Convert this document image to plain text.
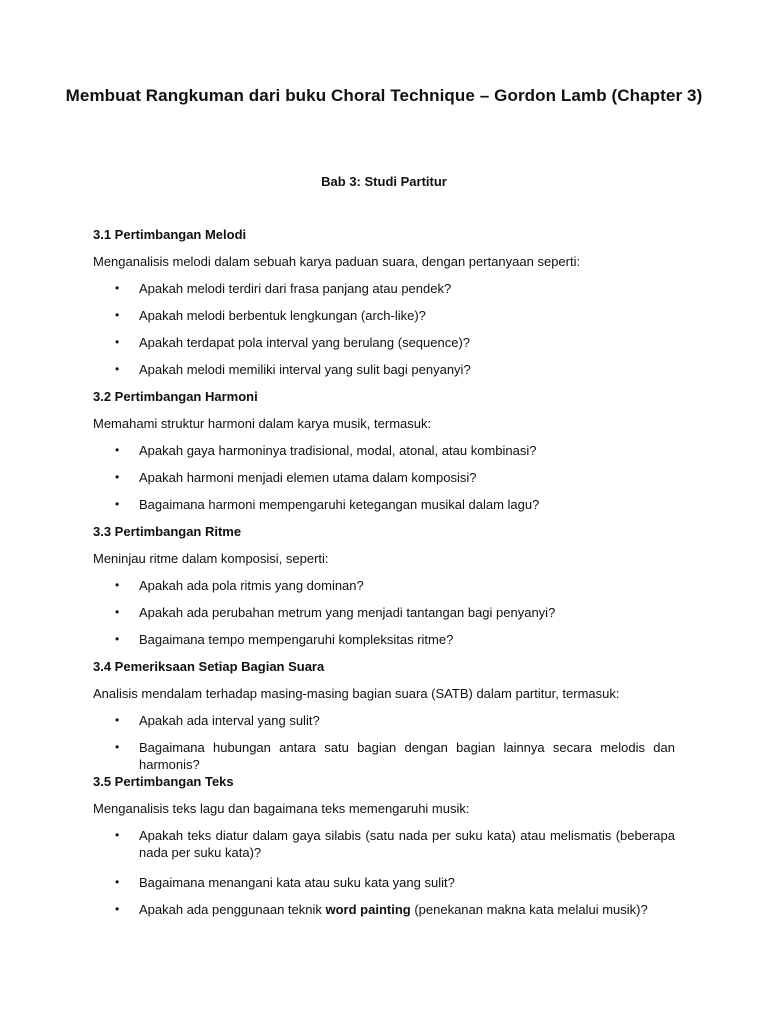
Membuat Rangkuman dari buku Choral Technique – Gordon Lamb (Chapter 3)
Bab 3: Studi Partitur

3.1 Pertimbangan Melodi

Menganalisis melodi dalam sebuah karya paduan suara, dengan pertanyaan seperti:

• Apakah melodi terdiri dari frasa panjang atau pendek?
• Apakah melodi berbentuk lengkungan (arch-like)?
• Apakah terdapat pola interval yang berulang (sequence)?
• Apakah melodi memiliki interval yang sulit bagi penyanyi?

3.2 Pertimbangan Harmoni

Memahami struktur harmoni dalam karya musik, termasuk:

• Apakah gaya harmoninya tradisional, modal, atonal, atau kombinasi?
• Apakah harmoni menjadi elemen utama dalam komposisi?
• Bagaimana harmoni mempengaruhi ketegangan musikal dalam lagu?

3.3 Pertimbangan Ritme

Meninjau ritme dalam komposisi, seperti:

• Apakah ada pola ritmis yang dominan?
• Apakah ada perubahan metrum yang menjadi tantangan bagi penyanyi?
• Bagaimana tempo mempengaruhi kompleksitas ritme?

3.4 Pemeriksaan Setiap Bagian Suara

Analisis mendalam terhadap masing-masing bagian suara (SATB) dalam partitur, termasuk:

• Apakah ada interval yang sulit?
• Bagaimana hubungan antara satu bagian dengan bagian lainnya secara melodis dan harmonis?

3.5 Pertimbangan Teks

Menganalisis teks lagu dan bagaimana teks memengaruhi musik:

• Apakah teks diatur dalam gaya silabis (satu nada per suku kata) atau melismatis (beberapa nada per suku kata)?
• Bagaimana menangani kata atau suku kata yang sulit?
• Apakah ada penggunaan teknik word painting (penekanan makna kata melalui musik)?
